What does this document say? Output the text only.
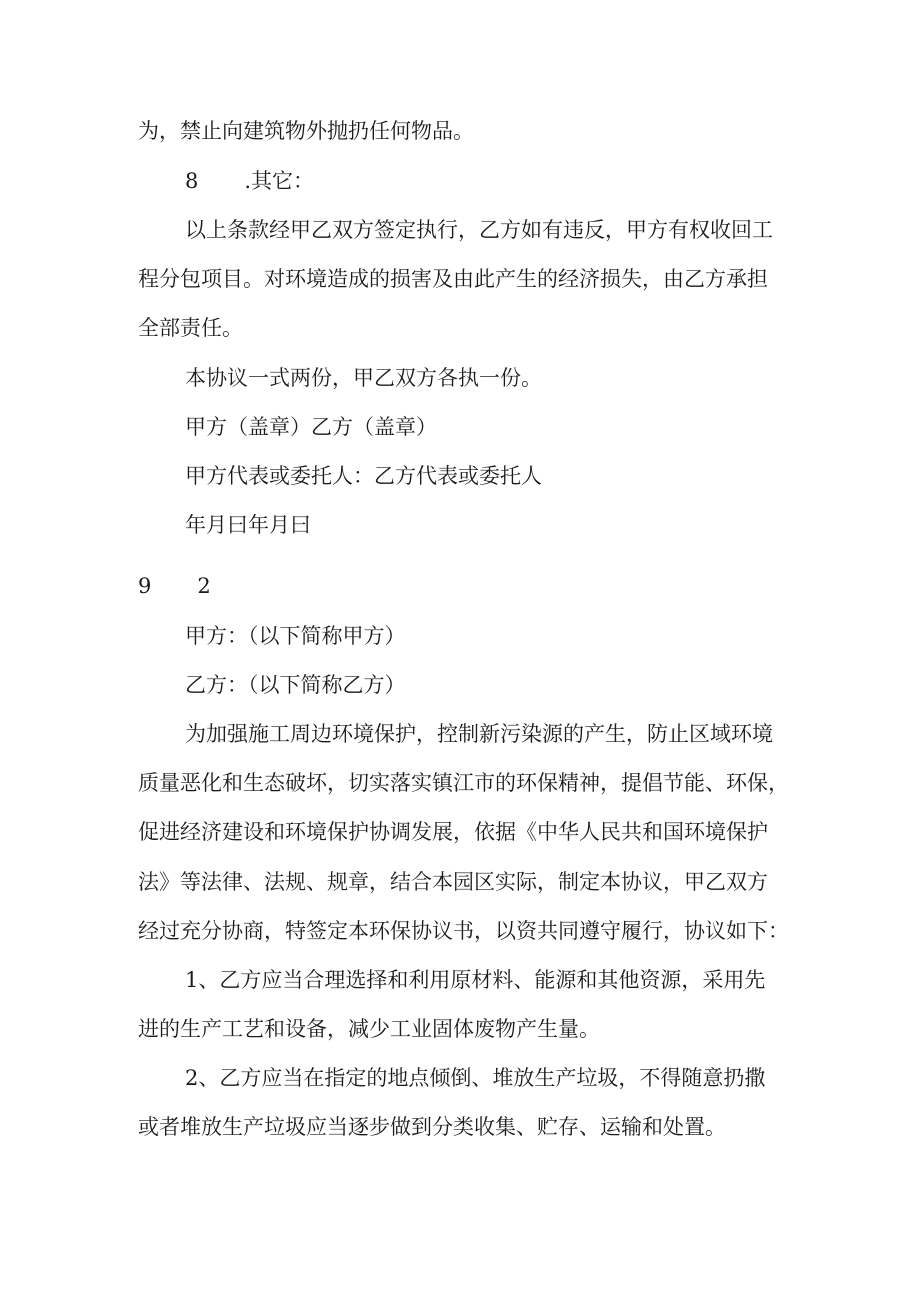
为，禁止向建筑物外抛扔任何物品。

8 .其它：

以上条款经甲乙双方签定执行，乙方如有违反，甲方有权收回工

程分包项目。对环境造成的损害及由此产生的经济损失，由乙方承担

全部责任。

本协议一式两份，甲乙双方各执一份。

甲方（盖章）乙方（盖章）

甲方代表或委托人：乙方代表或委托人

年月曰年月曰

9 2

甲方：（以下简称甲方）

乙方：（以下简称乙方）

为加强施工周边环境保护，控制新污染源的产生，防止区域环境

质量恶化和生态破坏，切实落实镇江市的环保精神，提倡节能、环保，

促进经济建设和环境保护协调发展，依据《中华人民共和国环境保护

法》等法律、法规、规章，结合本园区实际，制定本协议，甲乙双方

经过充分协商，特签定本环保协议书，以资共同遵守履行，协议如下：

1、乙方应当合理选择和利用原材料、能源和其他资源，采用先

进的生产工艺和设备，减少工业固体废物产生量。

2、乙方应当在指定的地点倾倒、堆放生产垃圾，不得随意扔撒

或者堆放生产垃圾应当逐步做到分类收集、贮存、运输和处置。
